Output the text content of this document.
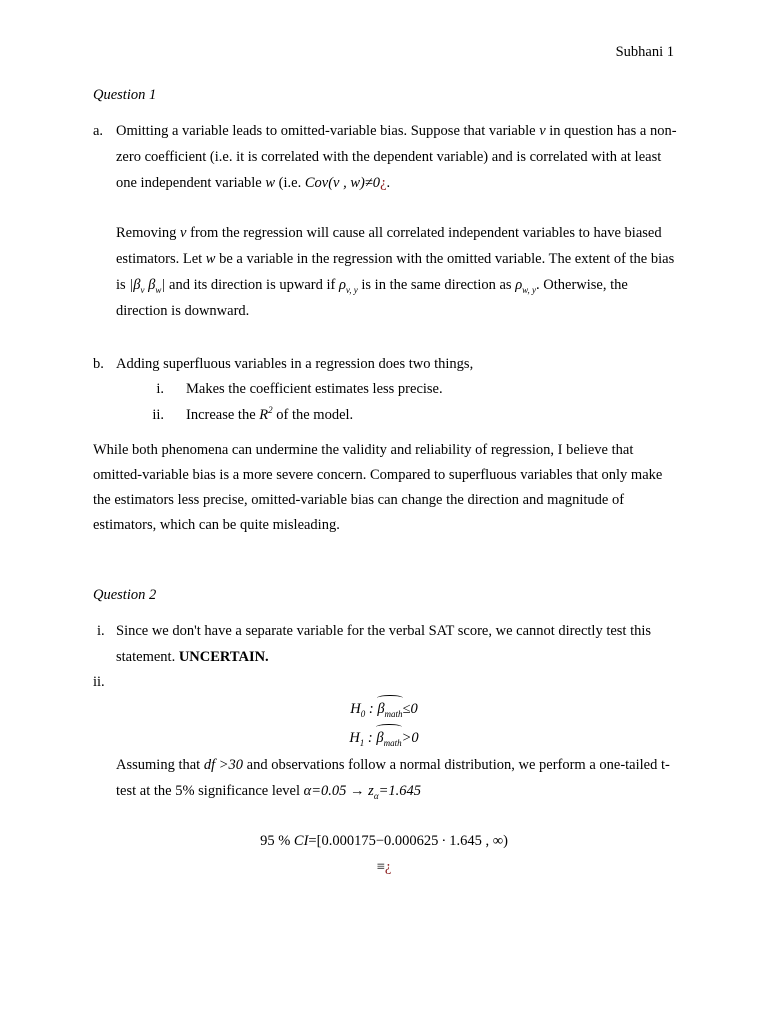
Subhani 1
Question 1
a. Omitting a variable leads to omitted-variable bias. Suppose that variable v in question has a non-zero coefficient (i.e. it is correlated with the dependent variable) and is correlated with at least one independent variable w (i.e. Cov(v , w)≠0¿.
Removing v from the regression will cause all correlated independent variables to have biased estimators. Let w be a variable in the regression with the omitted variable. The extent of the bias is $|\beta_v$ $\beta_w|$ and its direction is upward if $\rho_{v, y}$ is in the same direction as $\rho_{w, y}$. Otherwise, the direction is downward.
b. Adding superfluous variables in a regression does two things,
i. Makes the coefficient estimates less precise.
ii. Increase the $R^2$ of the model.
While both phenomena can undermine the validity and reliability of regression, I believe that omitted-variable bias is a more severe concern. Compared to superfluous variables that only make the estimators less precise, omitted-variable bias can change the direction and magnitude of estimators, which can be quite misleading.
Question 2
i. Since we don't have a separate variable for the verbal SAT score, we cannot directly test this statement. UNCERTAIN.
ii.
$H_0$ : $\beta_{math}\le 0$
$H_1$ : $\beta_{math}>0$
Assuming that df >30 and observations follow a normal distribution, we perform a one-tailed t-test at the 5% significance level $\alpha=0.05 \to z_\alpha=1.645$
95 % CI=[0.000175−0.000625 ∙ 1.645 , ∞)
≡¿
